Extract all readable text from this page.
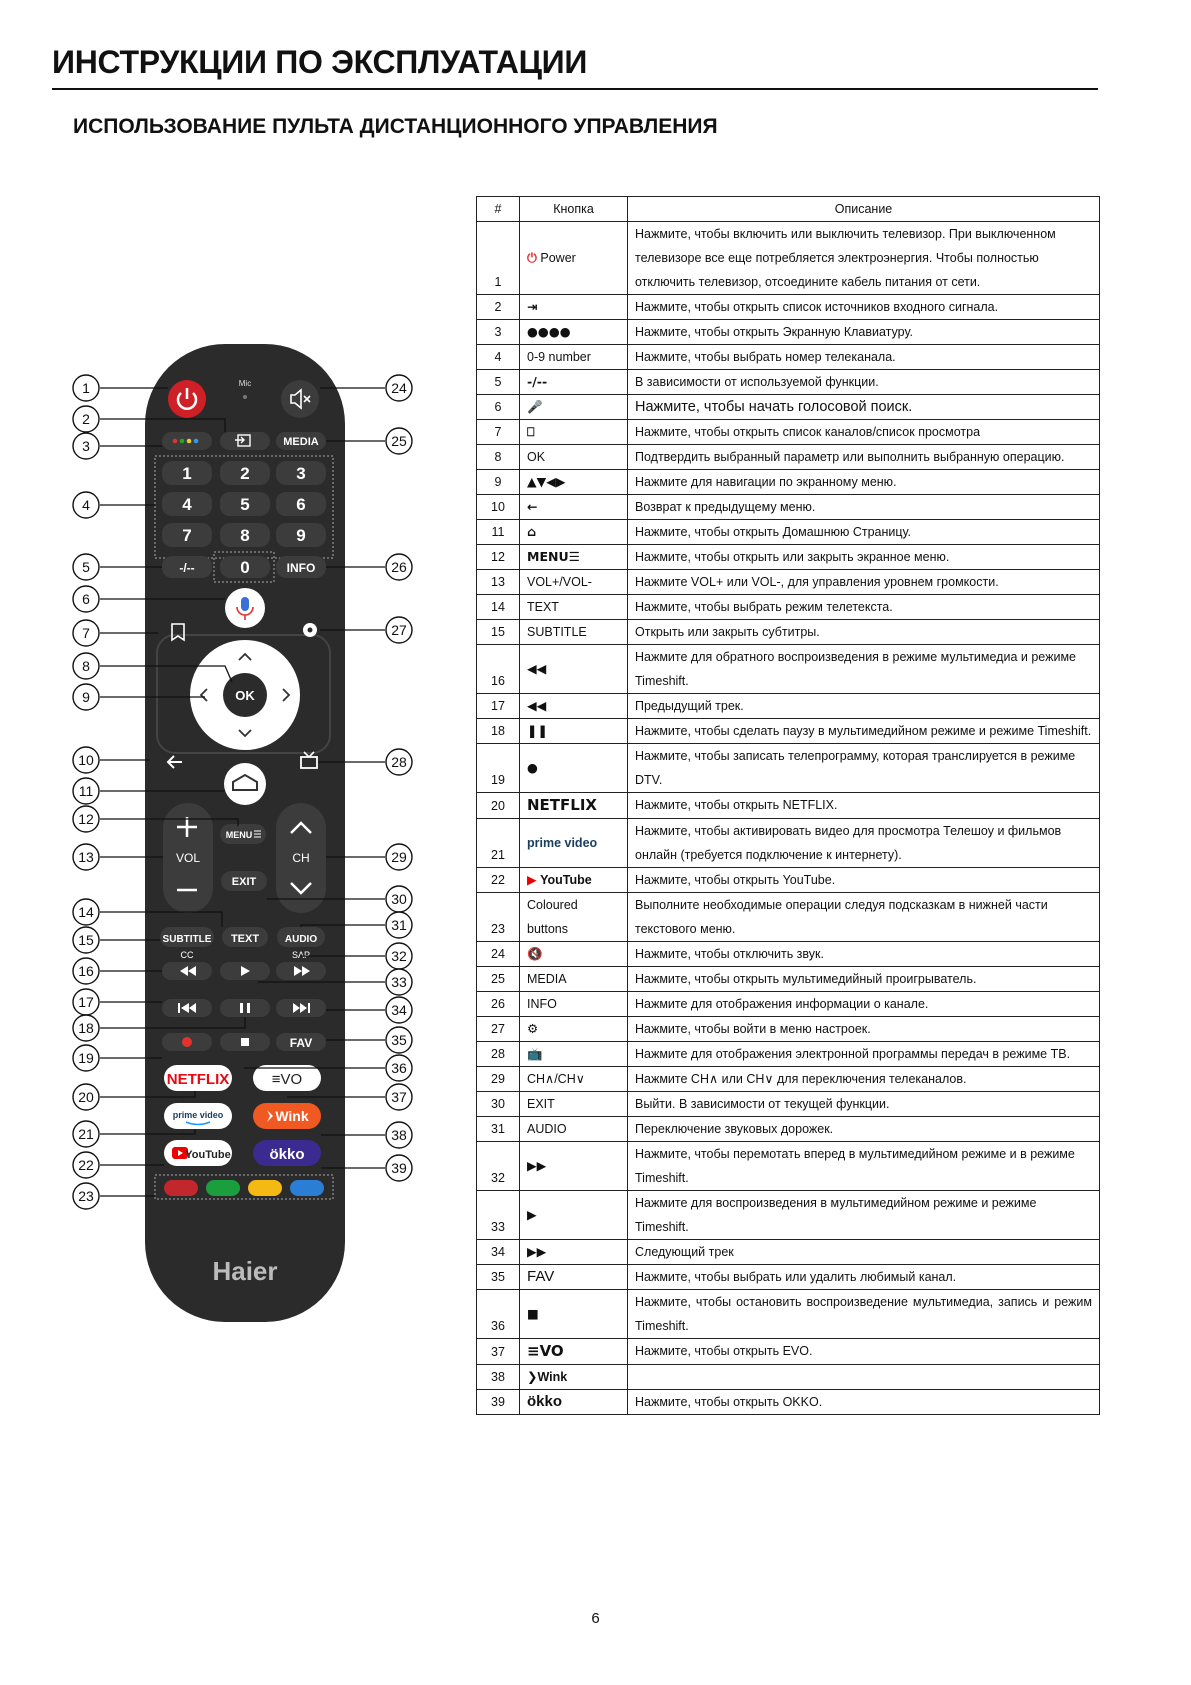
ИНСТРУКЦИИ ПО ЭКСПЛУАТАЦИИ
ИСПОЛЬЗОВАНИЕ ПУЛЬТА ДИСТАНЦИОННОГО УПРАВЛЕНИЯ
Mic
MEDIA
1	2	3
4	5	6
7	8	9
0
-/--	INFO
OK
MENU
VOL	CH
EXIT
SUBTITLE TEXT	AUDIO
CC	SAP
FAV
NETFLIX	≡VO
prime video	Wink
YouTube	ökko
Haier
1
2
3
4
5
6
7
8
9
10
11
12
13
14
15
16
17
18
19
20
21
22
23
24
25
26
27
28
29
30
31
32
33
34
35
36
37
38
39
#	Кнопка	Описание
1	⏻ Power	Нажмите, чтобы включить или выключить телевизор. При выключенном телевизоре все еще потребляется электроэнергия. Чтобы полностью отключить телевизор, отсоедините кабель питания от сети.
2	⇥	Нажмите, чтобы открыть список источников входного сигнала.
3	●●●●	Нажмите, чтобы открыть Экранную Клавиатуру.
4	0-9 number	Нажмите, чтобы выбрать номер телеканала.
5	-/--	В зависимости от используемой функции.
6	🎤	Нажмите, чтобы начать голосовой поиск.
7	⎕	Нажмите, чтобы открыть список каналов/список просмотра
8	OK	Подтвердить выбранный параметр или выполнить выбранную операцию.
9	▲▼◀▶	Нажмите для навигации по экранному меню.
10	←	Возврат к предыдущему меню.
11	⌂	Нажмите, чтобы открыть Домашнюю Страницу.
12	MENU☰	Нажмите, чтобы открыть или закрыть экранное меню.
13	VOL+/VOL-	Нажмите VOL+ или VOL-, для управления уровнем громкости.
14	TEXT	Нажмите, чтобы выбрать режим телетекста.
15	SUBTITLE	Открыть или закрыть субтитры.
16	◀◀	Нажмите для обратного воспроизведения в режиме мультимедиа и режиме Timeshift.
17	◀◀	Предыдущий трек.
18	❚❚	Нажмите, чтобы сделать паузу в мультимедийном режиме и режиме Timeshift.
19	●	Нажмите, чтобы записать телепрограмму, которая транслируется в режиме DTV.
20	NETFLIX	Нажмите, чтобы открыть NETFLIX.
21	prime video	Нажмите, чтобы активировать видео для просмотра Телешоу и фильмов онлайн (требуется подключение к интернету).
22	▶ YouTube	Нажмите, чтобы открыть YouTube.
23	Coloured buttons	Выполните необходимые операции следуя подсказкам в нижней части текстового меню.
24	🔇	Нажмите, чтобы отключить звук.
25	MEDIA	Нажмите, чтобы открыть мультимедийный проигрыватель.
26	INFO	Нажмите для отображения информации о канале.
27	⚙	Нажмите, чтобы войти в меню настроек.
28	📺	Нажмите для отображения электронной программы передач в режиме ТВ.
29	CH∧/CH∨	Нажмите CH∧ или CH∨ для переключения телеканалов.
30	EXIT	Выйти. В зависимости от текущей функции.
31	AUDIO	Переключение звуковых дорожек.
32	▶▶	Нажмите, чтобы перемотать вперед в мультимедийном режиме и в режиме Timeshift.
33	▶	Нажмите для воспроизведения в мультимедийном режиме и режиме Timeshift.
34	▶▶	Следующий трек
35	FAV	Нажмите, чтобы выбрать или удалить любимый канал.
36	■	Нажмите, чтобы остановить воспроизведение мультимедиа, запись и режим Timeshift.
37	≡VO	Нажмите, чтобы открыть EVO.
38	❯Wink	
39	ökko	Нажмите, чтобы открыть OKKO.
6
